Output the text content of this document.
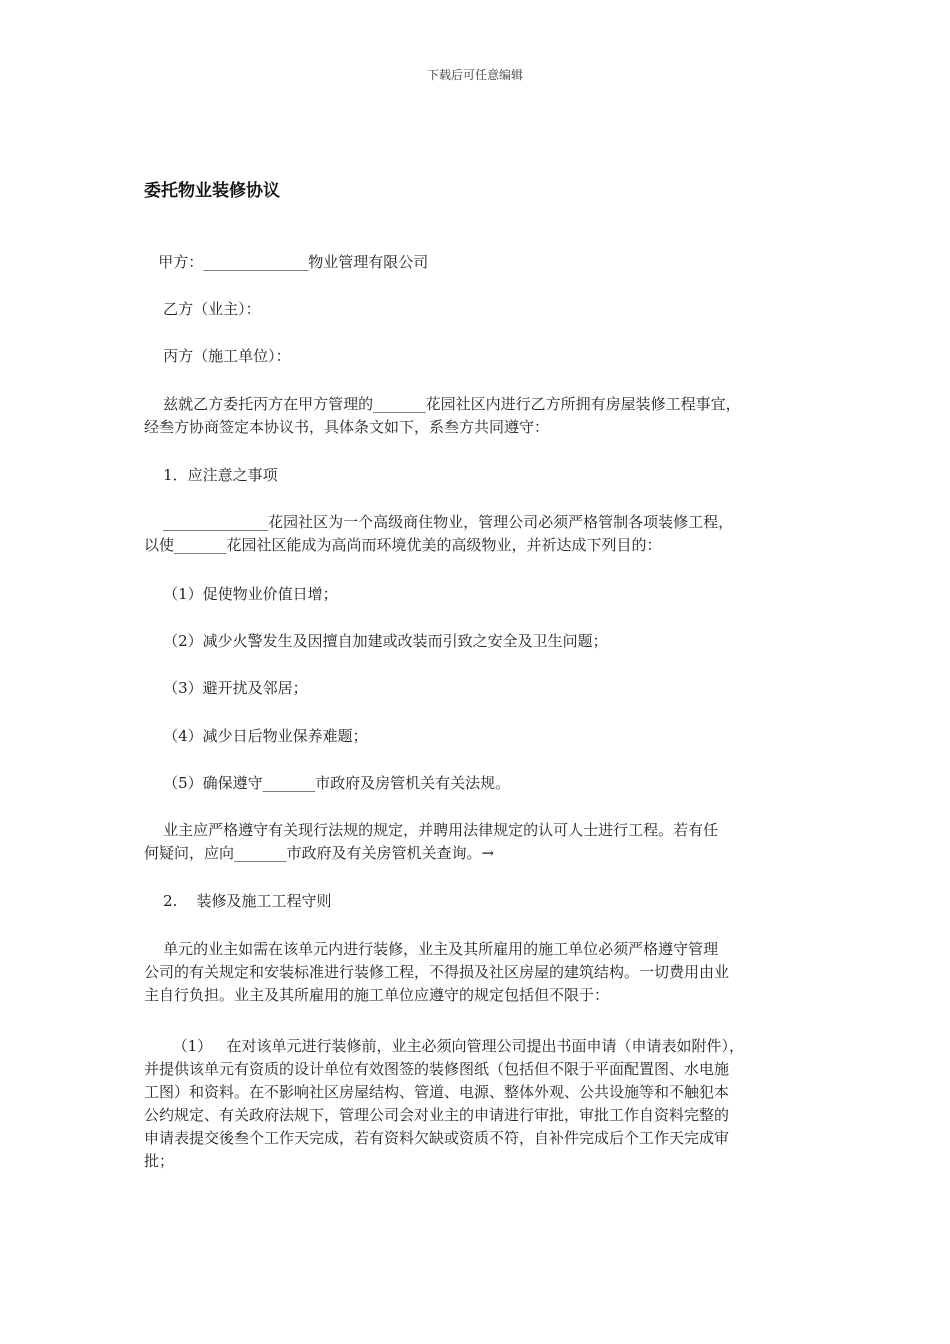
下载后可任意编辑
委托物业装修协议

甲方：______________物业管理有限公司

乙方（业主）：

丙方（施工单位）：

兹就乙方委托丙方在甲方管理的_______花园社区内进行乙方所拥有房屋装修工程事宜，
经叁方协商签定本协议书，具体条文如下，系叁方共同遵守：

1．应注意之事项

______________花园社区为一个高级商住物业，管理公司必须严格管制各项装修工程，
以使_______花园社区能成为高尚而环境优美的高级物业，并祈达成下列目的：

（1）促使物业价值日增；

（2）减少火警发生及因擅自加建或改装而引致之安全及卫生问题；

（3）避开扰及邻居；

（4）减少日后物业保养难题；

（5）确保遵守_______市政府及房管机关有关法规。

业主应严格遵守有关现行法规的规定，并聘用法律规定的认可人士进行工程。若有任
何疑问，应向_______市政府及有关房管机关查询。→

2.    装修及施工工程守则

单元的业主如需在该单元内进行装修，业主及其所雇用的施工单位必须严格遵守管理
公司的有关规定和安装标准进行装修工程，不得损及社区房屋的建筑结构。一切费用由业
主自行负担。业主及其所雇用的施工单位应遵守的规定包括但不限于：

（1）   在对该单元进行装修前，业主必须向管理公司提出书面申请（申请表如附件），
并提供该单元有资质的设计单位有效图签的装修图纸（包括但不限于平面配置图、水电施
工图）和资料。在不影响社区房屋结构、管道、电源、整体外观、公共设施等和不触犯本
公约规定、有关政府法规下，管理公司会对业主的申请进行审批，审批工作自资料完整的
申请表提交後叁个工作天完成，若有资料欠缺或资质不符，自补件完成后个工作天完成审
批；
